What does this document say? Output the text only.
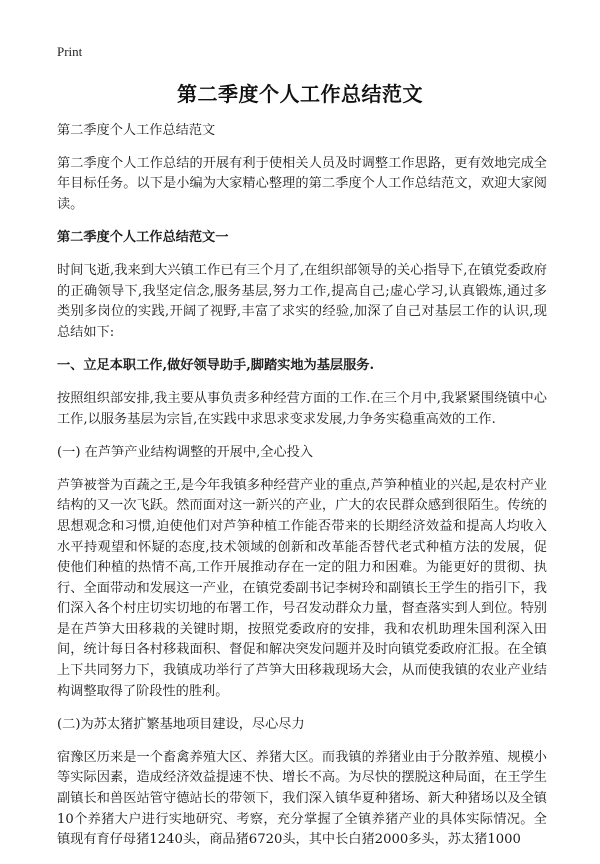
Print
第二季度个人工作总结范文

第二季度个人工作总结范文

第二季度个人工作总结的开展有利于使相关人员及时调整工作思路，更有效地完成全年目标任务。以下是小编为大家精心整理的第二季度个人工作总结范文，欢迎大家阅读。

第二季度个人工作总结范文一

时间飞逝,我来到大兴镇工作已有三个月了,在组织部领导的关心指导下,在镇党委政府的正确领导下,我坚定信念,服务基层,努力工作,提高自己;虚心学习,认真锻炼,通过多类别多岗位的实践,开阔了视野,丰富了求实的经验,加深了自己对基层工作的认识,现总结如下:

一、立足本职工作,做好领导助手,脚踏实地为基层服务.

按照组织部安排,我主要从事负责多种经营方面的工作.在三个月中,我紧紧围绕镇中心工作,以服务基层为宗旨,在实践中求思求变求发展,力争务实稳重高效的工作.

(一) 在芦笋产业结构调整的开展中,全心投入

芦笋被誉为百蔬之王,是今年我镇多种经营产业的重点,芦笋种植业的兴起,是农村产业结构的又一次飞跃。然而面对这一新兴的产业，广大的农民群众感到很陌生。传统的思想观念和习惯,迫使他们对芦笋种植工作能否带来的长期经济效益和提高人均收入水平持观望和怀疑的态度,技术领域的创新和改革能否替代老式种植方法的发展，促使他们种植的热情不高,工作开展推动存在一定的阻力和困难。为能更好的贯彻、执行、全面带动和发展这一产业，在镇党委副书记李树玲和副镇长王学生的指引下，我们深入各个村庄切实切地的布署工作，号召发动群众力量，督查落实到人到位。特别是在芦笋大田移栽的关键时期，按照党委政府的安排，我和农机助理朱国利深入田间，统计每日各村移栽面积、督促和解决突发问题并及时向镇党委政府汇报。在全镇上下共同努力下，我镇成功举行了芦笋大田移栽现场大会，从而使我镇的农业产业结构调整取得了阶段性的胜利。

(二)为苏太猪扩繁基地项目建设，尽心尽力

宿豫区历来是一个畜禽养殖大区、养猪大区。而我镇的养猪业由于分散养殖、规模小等实际因素，造成经济效益提速不快、增长不高。为尽快的摆脱这种局面，在王学生副镇长和兽医站管守德站长的带领下，我们深入镇华夏种猪场、新大种猪场以及全镇10个养猪大户进行实地研究、考察，充分掌握了全镇养猪产业的具体实际情况。全镇现有育仔母猪1240头，商品猪6720头，其中长白猪2000多头，苏太猪1000
